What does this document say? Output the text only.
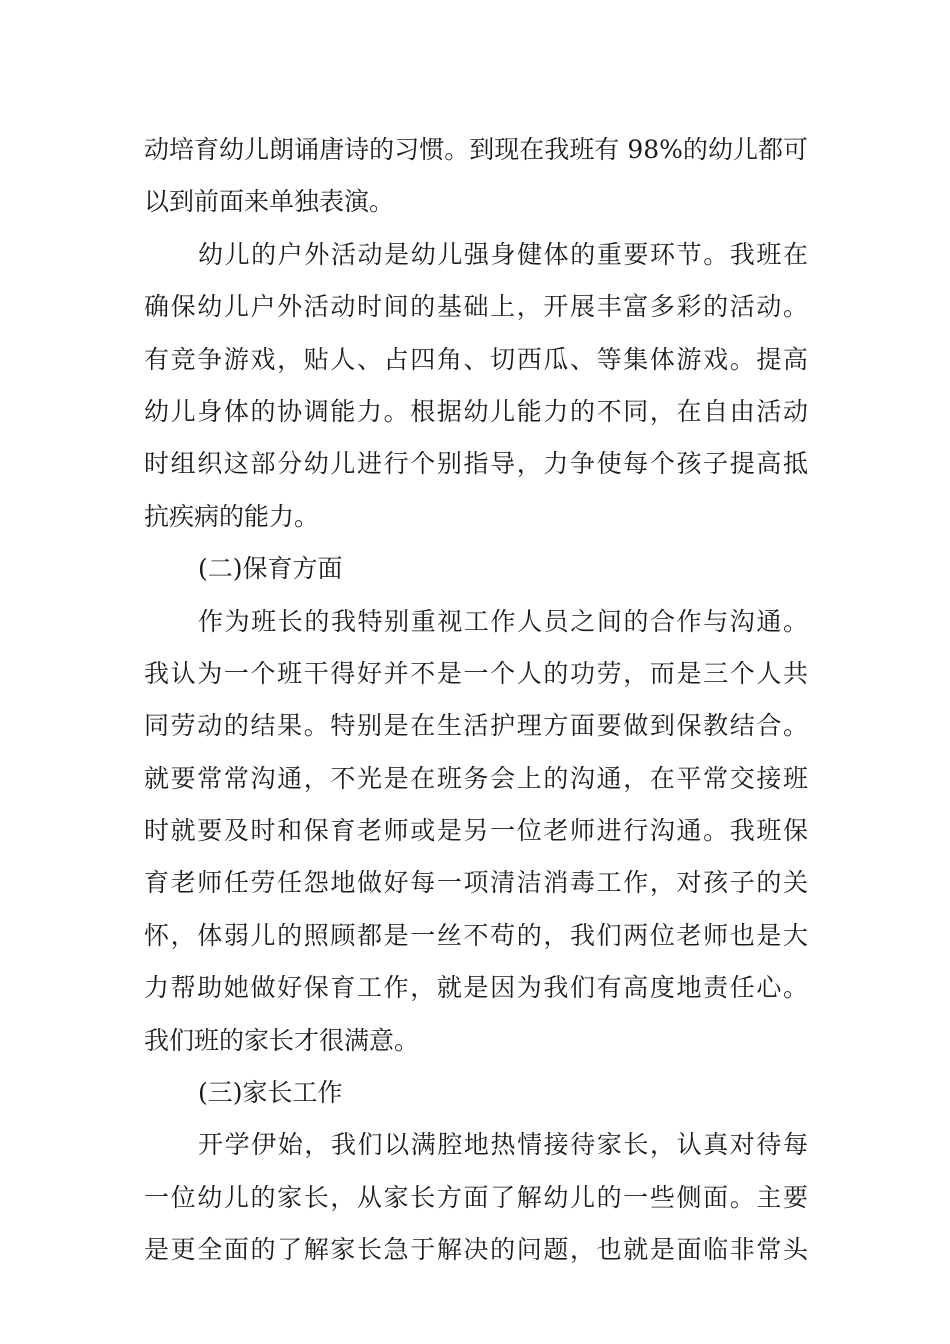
动培育幼儿朗诵唐诗的习惯。到现在我班有 98%的幼儿都可
以到前面来单独表演。
幼儿的户外活动是幼儿强身健体的重要环节。我班在
确保幼儿户外活动时间的基础上，开展丰富多彩的活动。
有竞争游戏，贴人、占四角、切西瓜、等集体游戏。提高
幼儿身体的协调能力。根据幼儿能力的不同，在自由活动
时组织这部分幼儿进行个别指导，力争使每个孩子提高抵
抗疾病的能力。
(二)保育方面
作为班长的我特别重视工作人员之间的合作与沟通。
我认为一个班干得好并不是一个人的功劳，而是三个人共
同劳动的结果。特别是在生活护理方面要做到保教结合。
就要常常沟通，不光是在班务会上的沟通，在平常交接班
时就要及时和保育老师或是另一位老师进行沟通。我班保
育老师任劳任怨地做好每一项清洁消毒工作，对孩子的关
怀，体弱儿的照顾都是一丝不苟的，我们两位老师也是大
力帮助她做好保育工作，就是因为我们有高度地责任心。
我们班的家长才很满意。
(三)家长工作
开学伊始，我们以满腔地热情接待家长，认真对待每
一位幼儿的家长，从家长方面了解幼儿的一些侧面。主要
是更全面的了解家长急于解决的问题，也就是面临非常头
